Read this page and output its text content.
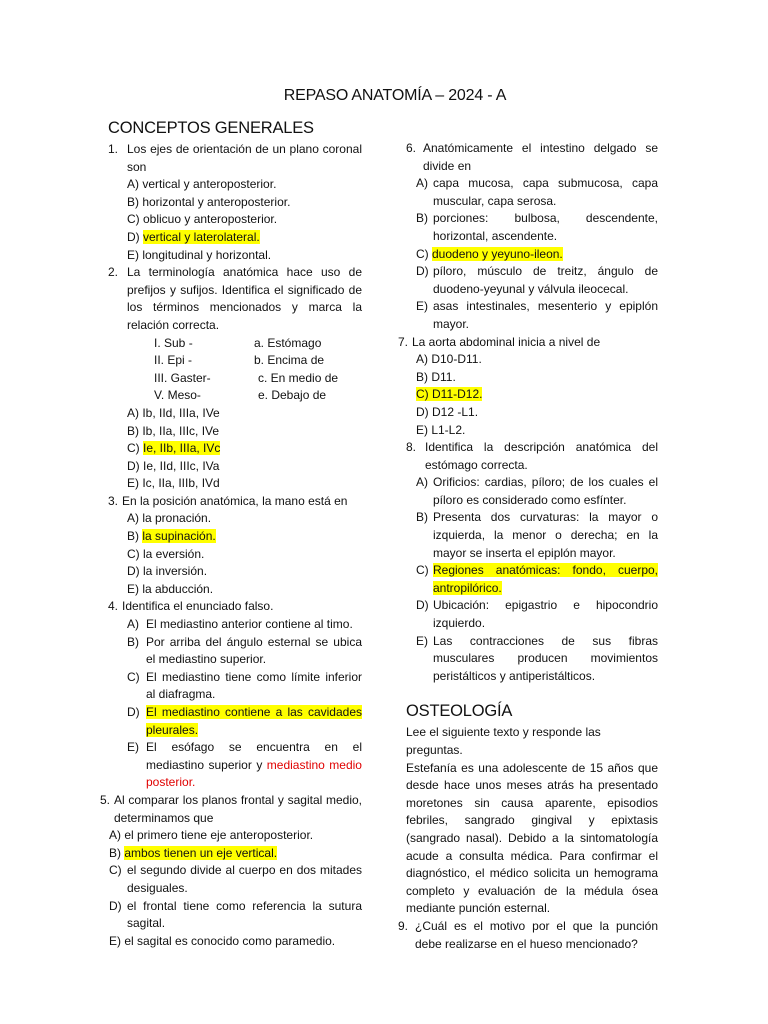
REPASO ANATOMÍA – 2024 - A
CONCEPTOS GENERALES
1. Los ejes de orientación de un plano coronal son
A) vertical y anteroposterior.
B) horizontal y anteroposterior.
C) oblicuo y anteroposterior.
D) vertical y laterolateral.
E) longitudinal y horizontal.
2. La terminología anatómica hace uso de prefijos y sufijos. Identifica el significado de los términos mencionados y marca la relación correcta.
I. Sub -	a. Estómago
II. Epi -	b. Encima de
III. Gaster-	c. En medio de
V. Meso-	e. Debajo de
A) Ib, IId, IIIa, IVe
B) Ib, IIa, IIIc, IVe
C) Ie, IIb, IIIa, IVc
D) Ie, IId, IIIc, IVa
E) Ic, IIa, IIIb, IVd
3. En la posición anatómica, la mano está en
A) la pronación.
B) la supinación.
C) la eversión.
D) la inversión.
E) la abducción.
4. Identifica el enunciado falso.
A) El mediastino anterior contiene al timo.
B) Por arriba del ángulo esternal se ubica el mediastino superior.
C) El mediastino tiene como límite inferior al diafragma.
D) El mediastino contiene a las cavidades pleurales.
E) El esófago se encuentra en el mediastino superior y mediastino medio posterior.
5. Al comparar los planos frontal y sagital medio, determinamos que
A) el primero tiene eje anteroposterior.
B) ambos tienen un eje vertical.
C) el segundo divide al cuerpo en dos mitades desiguales.
D) el frontal tiene como referencia la sutura sagital.
E) el sagital es conocido como paramedio.
6. Anatómicamente el intestino delgado se divide en
A) capa mucosa, capa submucosa, capa muscular, capa serosa.
B) porciones: bulbosa, descendente, horizontal, ascendente.
C) duodeno y yeyuno-ileon.
D) píloro, músculo de treitz, ángulo de duodeno-yeyunal y válvula ileocecal.
E) asas intestinales, mesenterio y epiplón mayor.
7. La aorta abdominal inicia a nivel de
A) D10-D11.
B) D11.
C) D11-D12.
D) D12 -L1.
E) L1-L2.
8. Identifica la descripción anatómica del estómago correcta.
A) Orificios: cardias, píloro; de los cuales el píloro es considerado como esfínter.
B) Presenta dos curvaturas: la mayor o izquierda, la menor o derecha; en la mayor se inserta el epiplón mayor.
C) Regiones anatómicas: fondo, cuerpo, antropilórico.
D) Ubicación: epigastrio e hipocondrio izquierdo.
E) Las contracciones de sus fibras musculares producen movimientos peristálticos y antiperistálticos.
OSTEOLOGÍA
Lee el siguiente texto y responde las preguntas.
Estefanía es una adolescente de 15 años que desde hace unos meses atrás ha presentado moretones sin causa aparente, episodios febriles, sangrado gingival y epixtasis (sangrado nasal). Debido a la sintomatología acude a consulta médica. Para confirmar el diagnóstico, el médico solicita un hemograma completo y evaluación de la médula ósea mediante punción esternal.
9. ¿Cuál es el motivo por el que la punción debe realizarse en el hueso mencionado?
